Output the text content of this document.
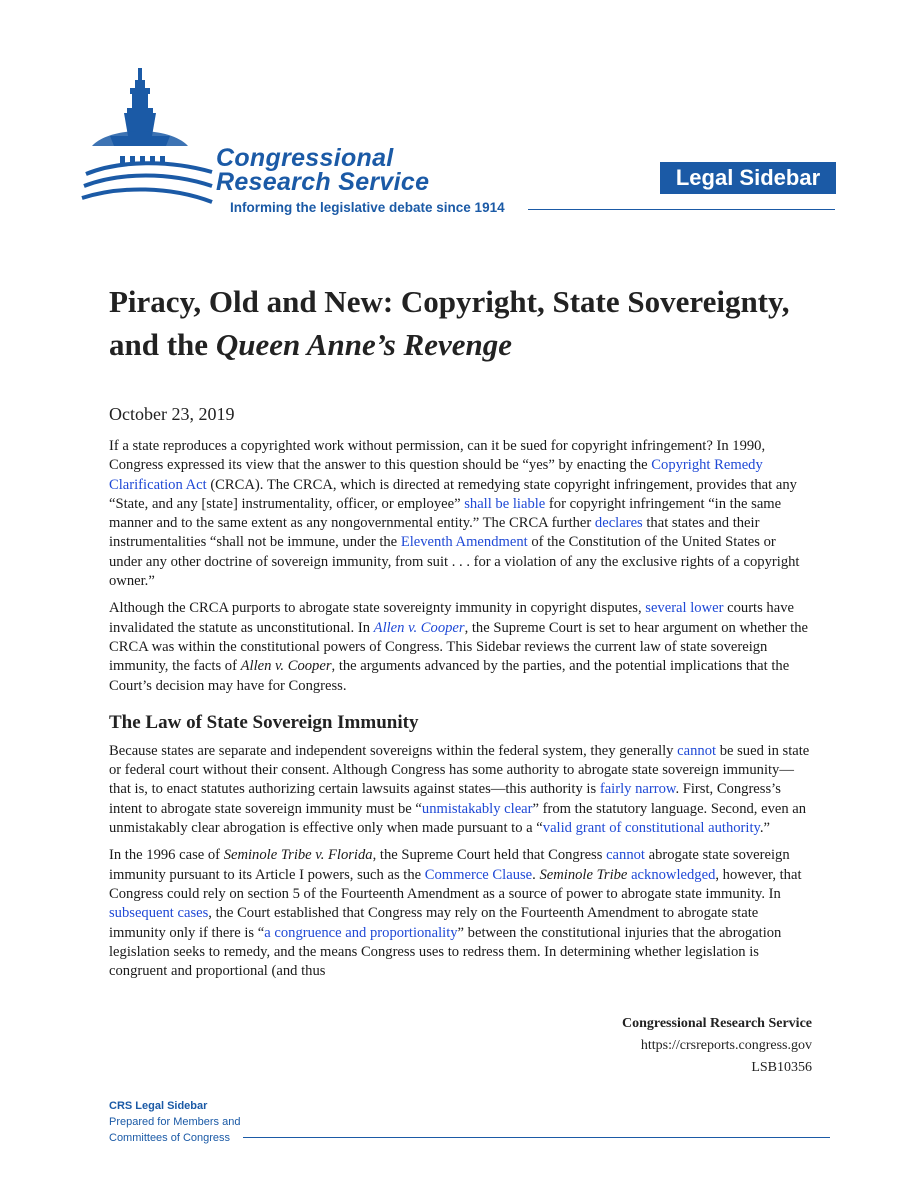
Congressional
Research Service
Informing the legislative debate since 1914
Legal Sidebar
Piracy, Old and New: Copyright, State Sovereignty, and the Queen Anne’s Revenge

October 23, 2019

If a state reproduces a copyrighted work without permission, can it be sued for copyright infringement? In 1990, Congress expressed its view that the answer to this question should be “yes” by enacting the Copyright Remedy Clarification Act (CRCA). The CRCA, which is directed at remedying state copyright infringement, provides that any “State, and any [state] instrumentality, officer, or employee” shall be liable for copyright infringement “in the same manner and to the same extent as any nongovernmental entity.” The CRCA further declares that states and their instrumentalities “shall not be immune, under the Eleventh Amendment of the Constitution of the United States or under any other doctrine of sovereign immunity, from suit . . . for a violation of any the exclusive rights of a copyright owner.”

Although the CRCA purports to abrogate state sovereignty immunity in copyright disputes, several lower courts have invalidated the statute as unconstitutional. In Allen v. Cooper, the Supreme Court is set to hear argument on whether the CRCA was within the constitutional powers of Congress. This Sidebar reviews the current law of state sovereign immunity, the facts of Allen v. Cooper, the arguments advanced by the parties, and the potential implications that the Court’s decision may have for Congress.

The Law of State Sovereign Immunity

Because states are separate and independent sovereigns within the federal system, they generally cannot be sued in state or federal court without their consent. Although Congress has some authority to abrogate state sovereign immunity—that is, to enact statutes authorizing certain lawsuits against states—this authority is fairly narrow. First, Congress’s intent to abrogate state sovereign immunity must be “unmistakably clear” from the statutory language. Second, even an unmistakably clear abrogation is effective only when made pursuant to a “valid grant of constitutional authority.”

In the 1996 case of Seminole Tribe v. Florida, the Supreme Court held that Congress cannot abrogate state sovereign immunity pursuant to its Article I powers, such as the Commerce Clause. Seminole Tribe acknowledged, however, that Congress could rely on section 5 of the Fourteenth Amendment as a source of power to abrogate state immunity. In subsequent cases, the Court established that Congress may rely on the Fourteenth Amendment to abrogate state immunity only if there is “a congruence and proportionality” between the constitutional injuries that the abrogation legislation seeks to remedy, and the means Congress uses to redress them. In determining whether legislation is congruent and proportional (and thus

Congressional Research Service
https://crsreports.congress.gov
LSB10356
CRS Legal Sidebar
Prepared for Members and
Committees of Congress
